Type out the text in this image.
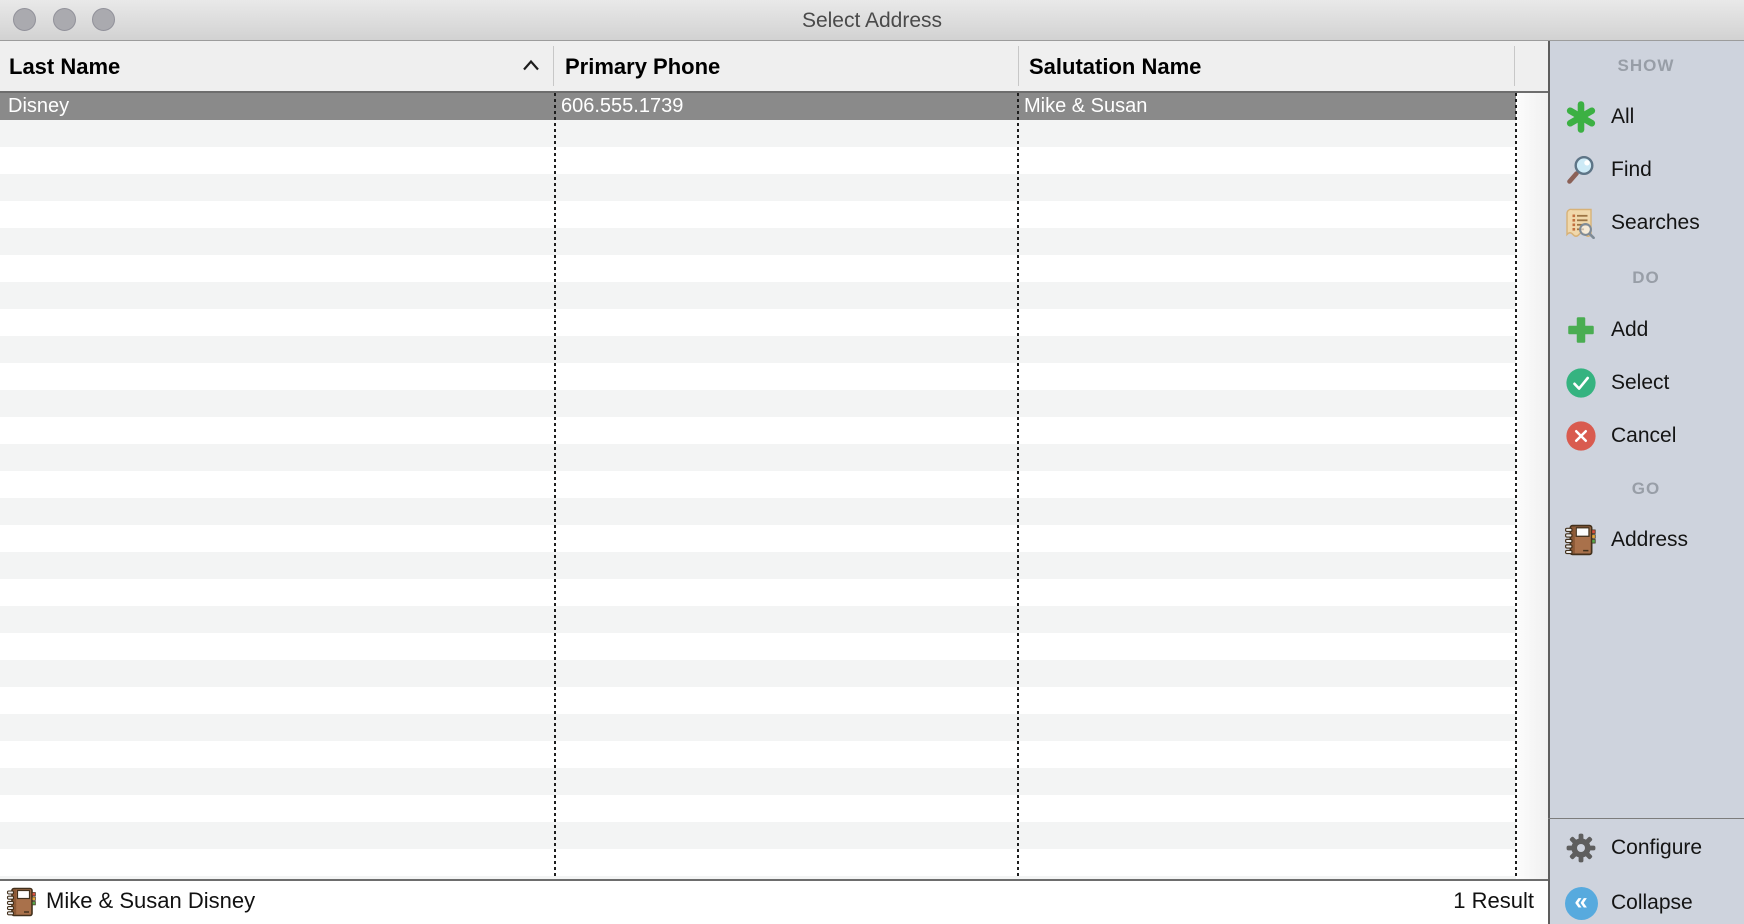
Select Address
Last Name	Primary Phone	Salutation Name
Disney	606.555.1739	Mike & Susan
Mike & Susan Disney	1 Result
SHOW
All
Find
Searches
DO
Add
Select
Cancel
GO
Address
Configure
«	Collapse
